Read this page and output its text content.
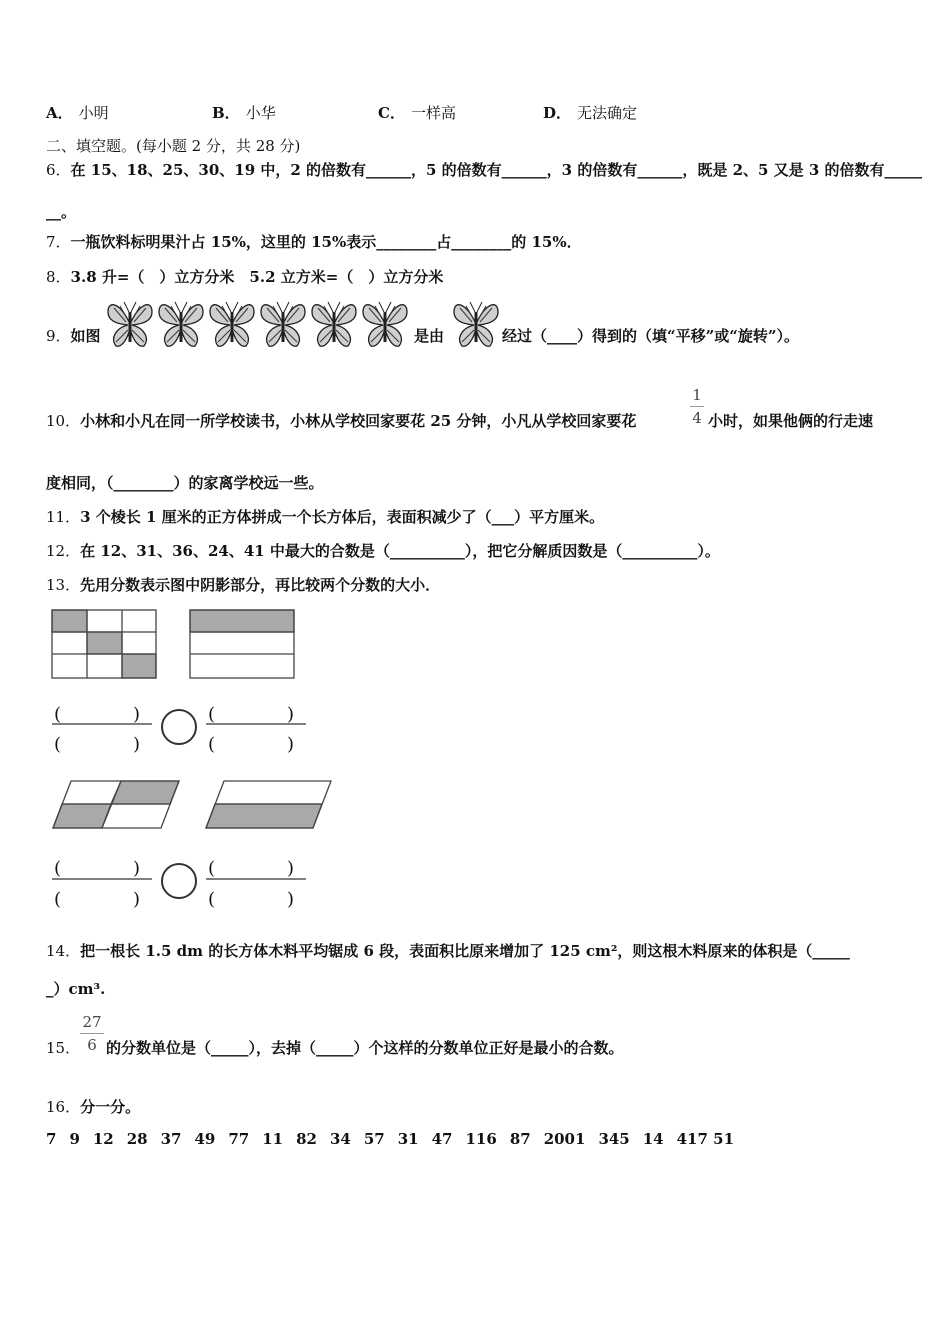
A． 小明	B． 小华	C． 一样高	D． 无法确定
二、填空题。(每小题 2 分，共 28 分)
6．在 15、18、25、30、19 中，2 的倍数有______，5 的倍数有______，3 的倍数有______，既是 2、5 又是 3 的倍数有_____
__。
7．一瓶饮料标明果汁占 15%，这里的 15%表示________占________的 15%．
8．3.8 升=（　）立方分米　5.2 立方米=（　）立方分米
9．如图	是由	经过（____）得到的（填“平移”或“旋转”）。
10．小林和小凡在同一所学校读书，小林从学校回家要花 25 分钟，小凡从学校回家要花
1
4 小时，如果他俩的行走速
度相同，（________）的家离学校远一些。
11．3 个棱长 1 厘米的正方体拼成一个长方体后，表面积减少了（___）平方厘米。
12．在 12、31、36、24、41 中最大的合数是（__________），把它分解质因数是（__________）。
13．先用分数表示图中阴影部分，再比较两个分数的大小．
(　　　　)
(　　　　)
(　　　　)
(　　　　)
(　　　　)
(　　　　)
(　　　　)
(　　　　)
14．把一根长 1.5 dm 的长方体木料平均锯成 6 段，表面积比原来增加了 125 cm²，则这根木料原来的体积是（_____
_）cm³.
15．
27
6 的分数单位是（_____），去掉（_____）个这样的分数单位正好是最小的合数。
16．分一分。
7 9 12 28 37 49 77 11 82 34 57 31 47 116 87 2001 345 14 417 51
